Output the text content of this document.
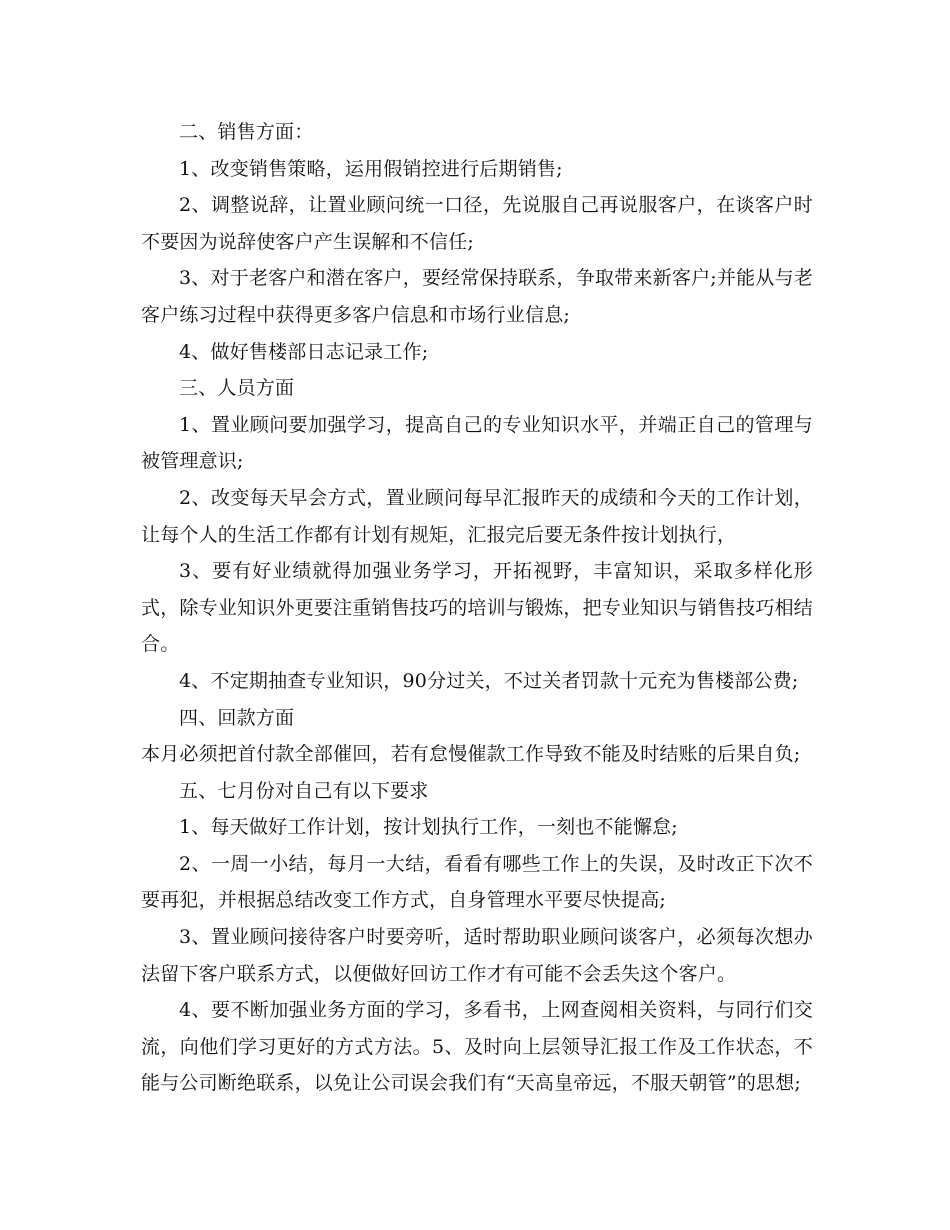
二、销售方面：

1、改变销售策略，运用假销控进行后期销售;

2、调整说辞，让置业顾问统一口径，先说服自己再说服客户，在谈客户时不要因为说辞使客户产生误解和不信任;

3、对于老客户和潜在客户，要经常保持联系，争取带来新客户;并能从与老客户练习过程中获得更多客户信息和市场行业信息;

4、做好售楼部日志记录工作;

三、人员方面

1、置业顾问要加强学习，提高自己的专业知识水平，并端正自己的管理与被管理意识;

2、改变每天早会方式，置业顾问每早汇报昨天的成绩和今天的工作计划，让每个人的生活工作都有计划有规矩，汇报完后要无条件按计划执行，

3、要有好业绩就得加强业务学习，开拓视野，丰富知识，采取多样化形式，除专业知识外更要注重销售技巧的培训与锻炼，把专业知识与销售技巧相结合。

4、不定期抽查专业知识，90分过关，不过关者罚款十元充为售楼部公费;

四、回款方面

本月必须把首付款全部催回，若有怠慢催款工作导致不能及时结账的后果自负;

五、七月份对自己有以下要求

1、每天做好工作计划，按计划执行工作，一刻也不能懈怠;

2、一周一小结，每月一大结，看看有哪些工作上的失误，及时改正下次不要再犯，并根据总结改变工作方式，自身管理水平要尽快提高;

3、置业顾问接待客户时要旁听，适时帮助职业顾问谈客户，必须每次想办法留下客户联系方式，以便做好回访工作才有可能不会丢失这个客户。

4、要不断加强业务方面的学习，多看书，上网查阅相关资料，与同行们交流，向他们学习更好的方式方法。5、及时向上层领导汇报工作及工作状态，不能与公司断绝联系，以免让公司误会我们有“天高皇帝远，不服天朝管”的思想;
